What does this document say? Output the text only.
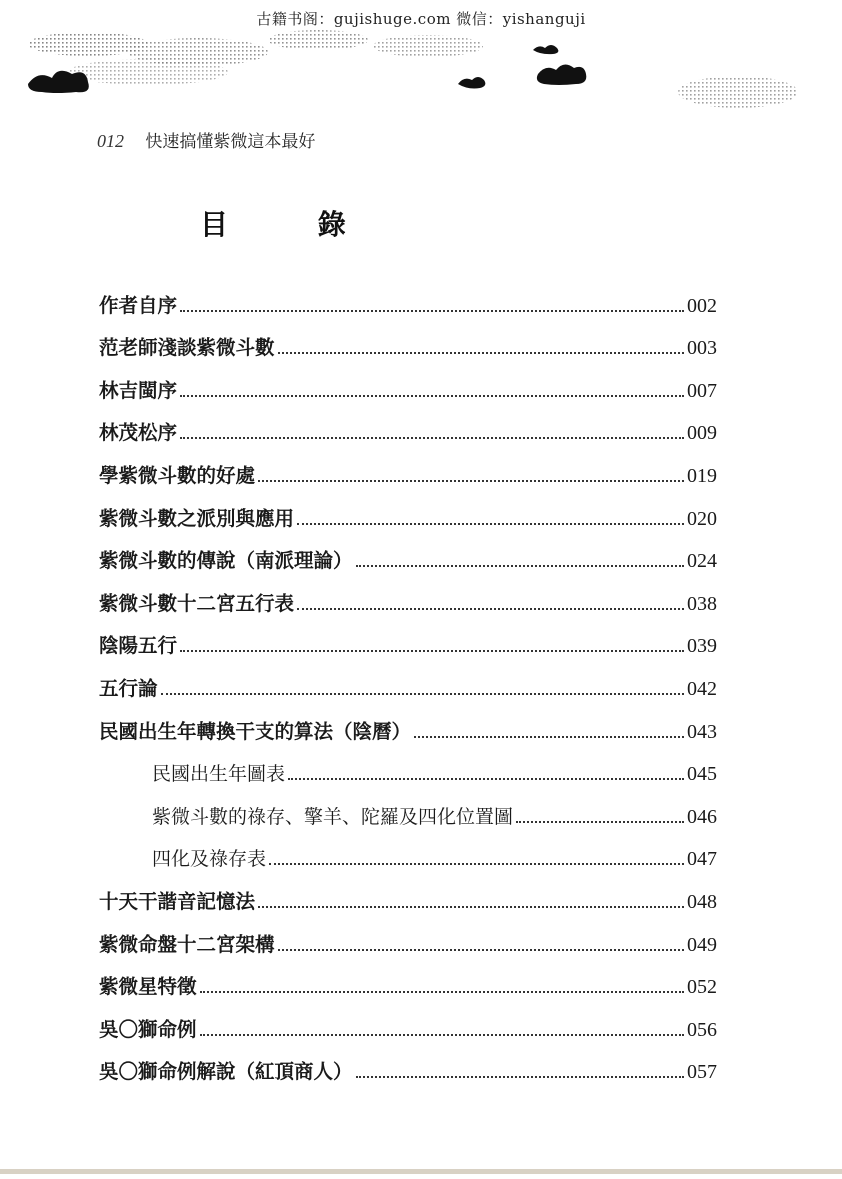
古籍书阁：gujishuge.com 微信：yishanguji
012 快速搞懂紫微這本最好
目 錄
作者自序	002
范老師淺談紫微斗數	003
林吉閩序	007
林茂松序	009
學紫微斗數的好處	019
紫微斗數之派別與應用	020
紫微斗數的傳說（南派理論）	024
紫微斗數十二宮五行表	038
陰陽五行	039
五行論	042
民國出生年轉換干支的算法（陰曆）	043
民國出生年圖表	045
紫微斗數的祿存、擎羊、陀羅及四化位置圖	046
四化及祿存表	047
十天干諧音記憶法	048
紫微命盤十二宮架構	049
紫微星特徵	052
吳〇獅命例	056
吳〇獅命例解說（紅頂商人）	057
